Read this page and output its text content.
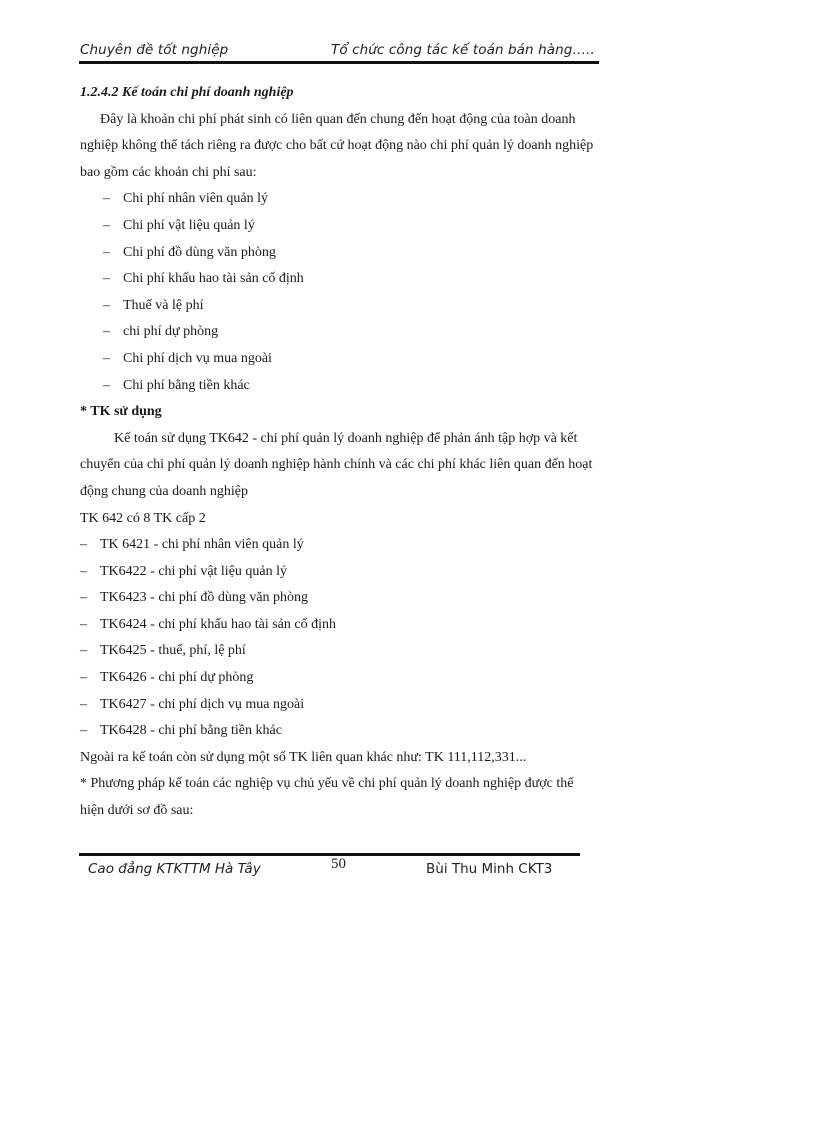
Chuyên đề tốt nghiệp	Tổ chức công tác kế toán bán hàng…..

1.2.4.2 Kế toán chi phí doanh nghiệp

Đây là khoản chi phí phát sinh có liên quan đến chung đến hoạt động của toàn doanh nghiệp không thể tách riêng ra được cho bất cứ hoạt động nào chi phí quản lý doanh nghiệp bao gồm các khoản chi phí sau:

– Chi phí nhân viên quản lý
– Chi phí vật liệu quản lý
– Chi phí đồ dùng văn phòng
– Chi phí khấu hao tài sản cố định
– Thuế và lệ phí
– chi phí dự phòng
– Chi phí dịch vụ mua ngoài
– Chi phí bằng tiền khác

* TK sử dụng

Kế toán sử dụng TK642 - chi phí quản lý doanh nghiệp để phản ánh tập hợp và kết chuyển của chi phí quản lý doanh nghiệp hành chính và các chi phí khác liên quan đến hoạt động chung của doanh nghiệp

TK 642 có 8 TK cấp 2

– TK 6421 - chi phí nhân viên quản lý
– TK6422 - chi phí vật liệu quản lý
– TK6423 - chi phí đồ dùng văn phòng
– TK6424 - chi phí khấu hao tài sản cố định
– TK6425 - thuế, phí, lệ phí
– TK6426 - chi phí dự phòng
– TK6427 - chi phí dịch vụ mua ngoài
– TK6428 - chi phí bằng tiền khác

Ngoài ra kế toán còn sử dụng một số TK liên quan khác như: TK 111,112,331...

* Phương pháp kế toán các nghiệp vụ chủ yếu về chi phí quản lý doanh nghiệp được thể hiện dưới sơ đồ sau:

Cao đẳng KTKTTM Hà Tây	50	Bùi Thu Minh CKT3
